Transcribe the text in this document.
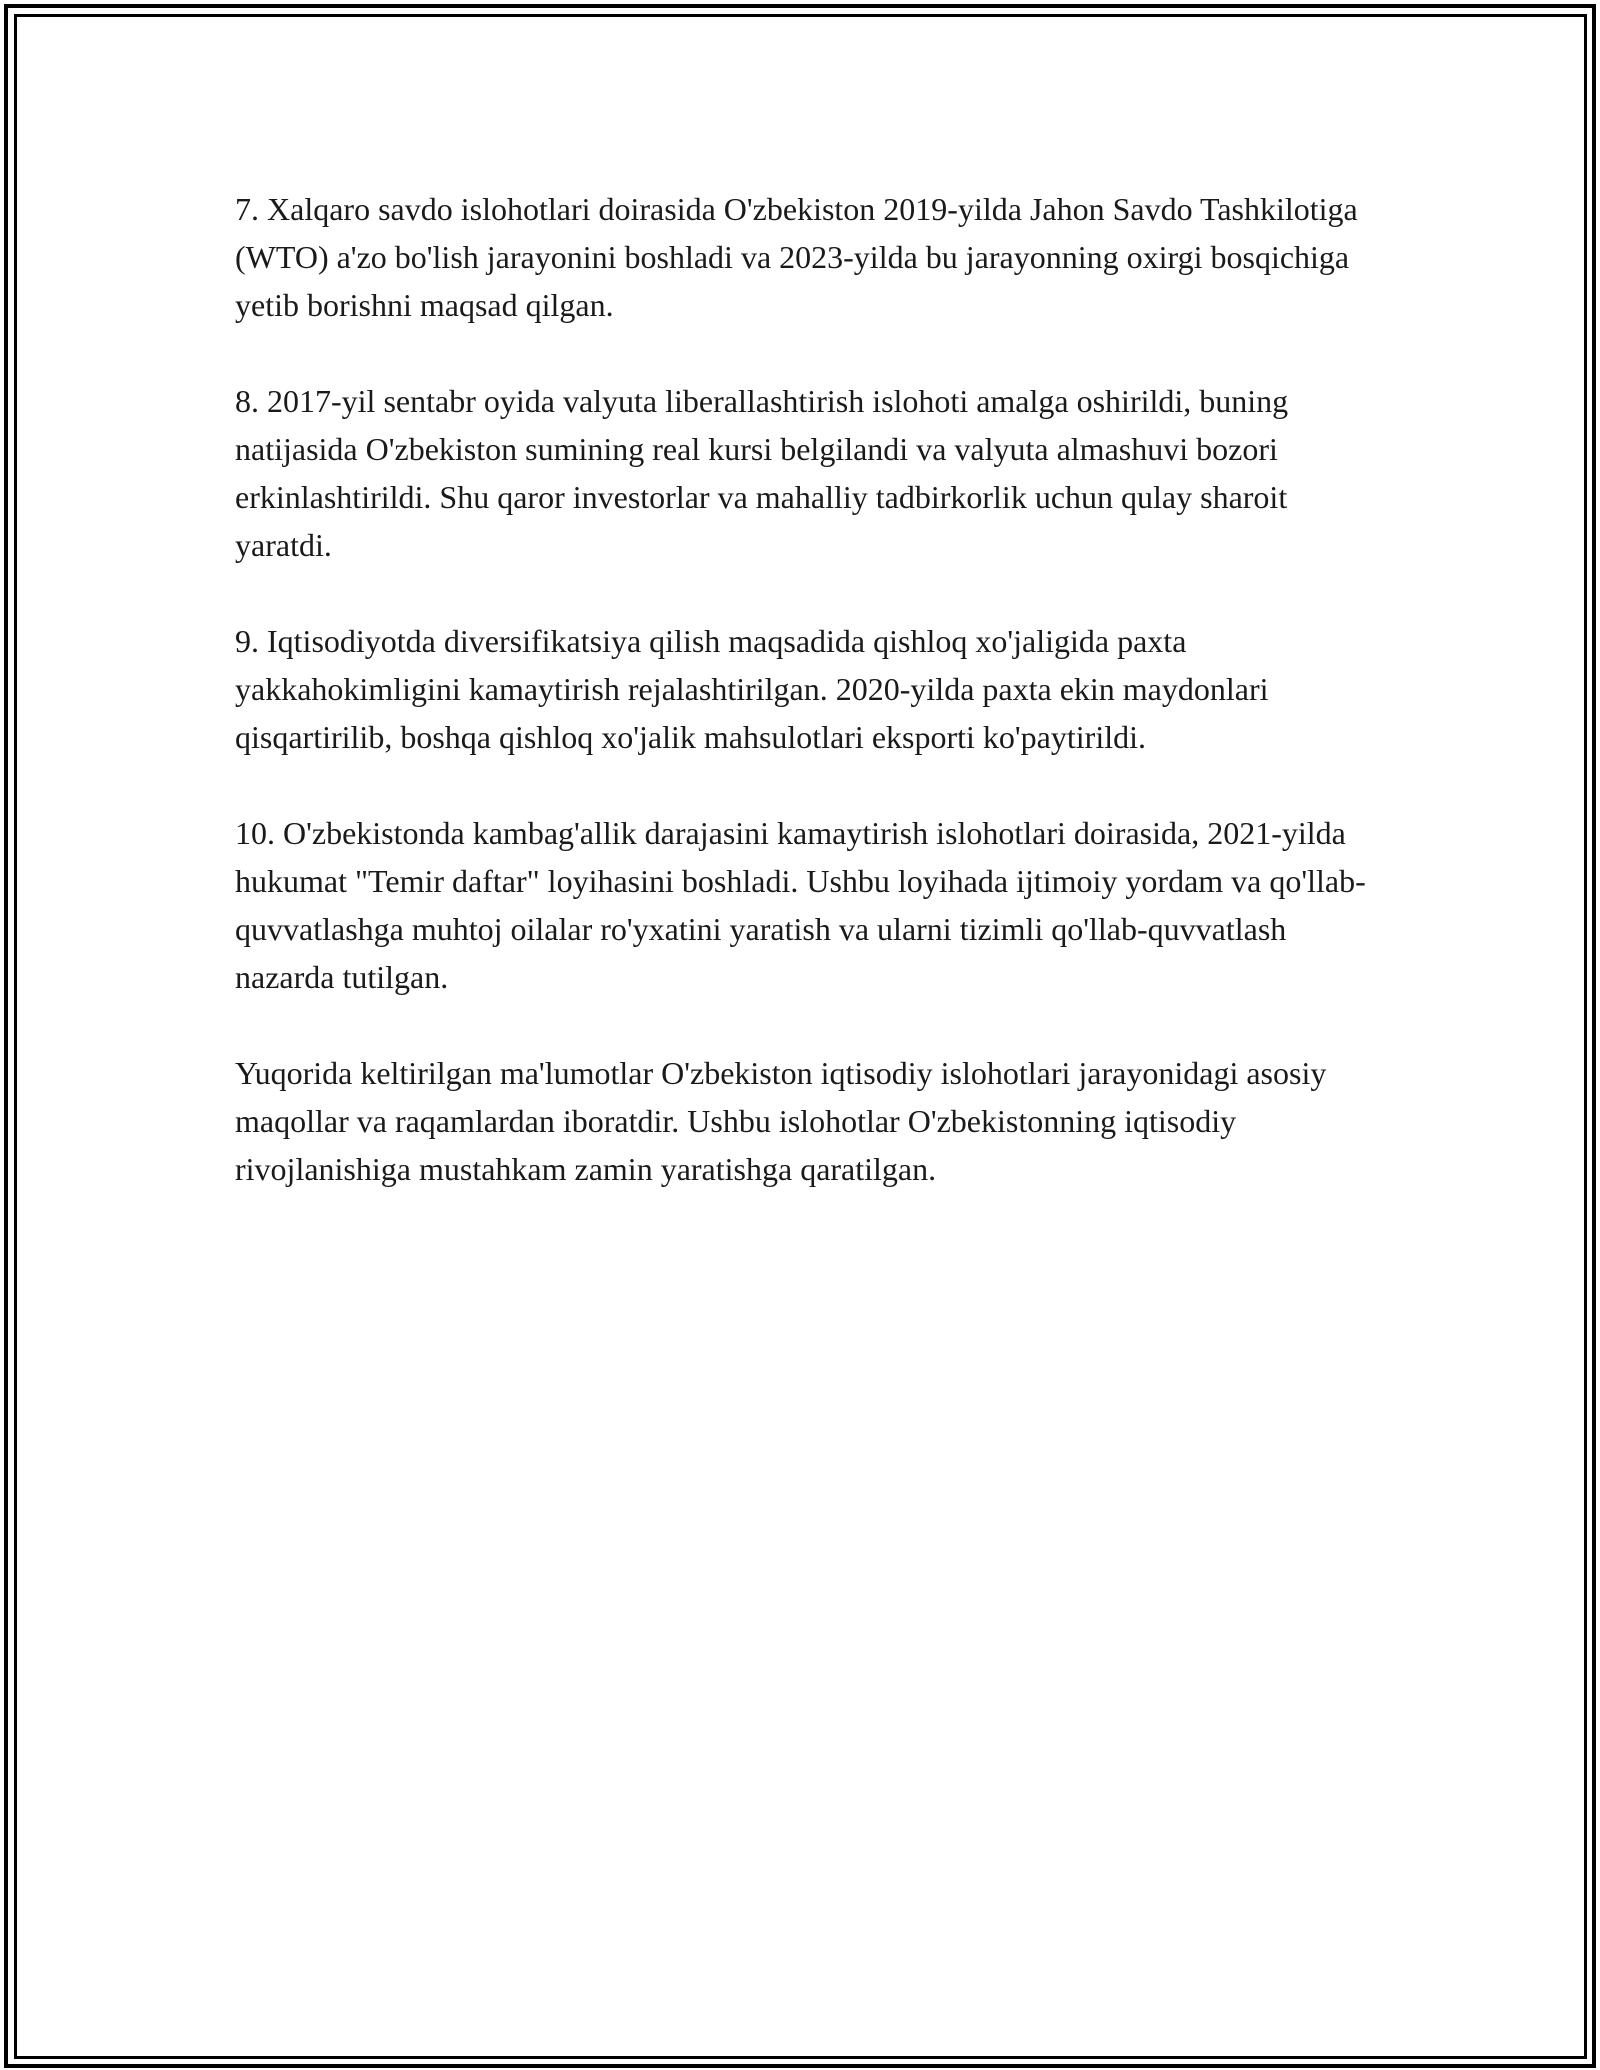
7. Xalqaro savdo islohotlari doirasida O'zbekiston 2019-yilda Jahon Savdo Tashkilotiga (WTO) a'zo bo'lish jarayonini boshladi va 2023-yilda bu jarayonning oxirgi bosqichiga yetib borishni maqsad qilgan.

8. 2017-yil sentabr oyida valyuta liberallashtirish islohoti amalga oshirildi, buning natijasida O'zbekiston sumining real kursi belgilandi va valyuta almashuvi bozori erkinlashtirildi. Shu qaror investorlar va mahalliy tadbirkorlik uchun qulay sharoit yaratdi.

9. Iqtisodiyotda diversifikatsiya qilish maqsadida qishloq xo'jaligida paxta yakkahokimligini kamaytirish rejalashtirilgan. 2020-yilda paxta ekin maydonlari qisqartirilib, boshqa qishloq xo'jalik mahsulotlari eksporti ko'paytirildi.

10. O'zbekistonda kambag'allik darajasini kamaytirish islohotlari doirasida, 2021-yilda hukumat "Temir daftar" loyihasini boshladi. Ushbu loyihada ijtimoiy yordam va qo'llab-quvvatlashga muhtoj oilalar ro'yxatini yaratish va ularni tizimli qo'llab-quvvatlash nazarda tutilgan.

Yuqorida keltirilgan ma'lumotlar O'zbekiston iqtisodiy islohotlari jarayonidagi asosiy maqollar va raqamlardan iboratdir. Ushbu islohotlar O'zbekistonning iqtisodiy rivojlanishiga mustahkam zamin yaratishga qaratilgan.
